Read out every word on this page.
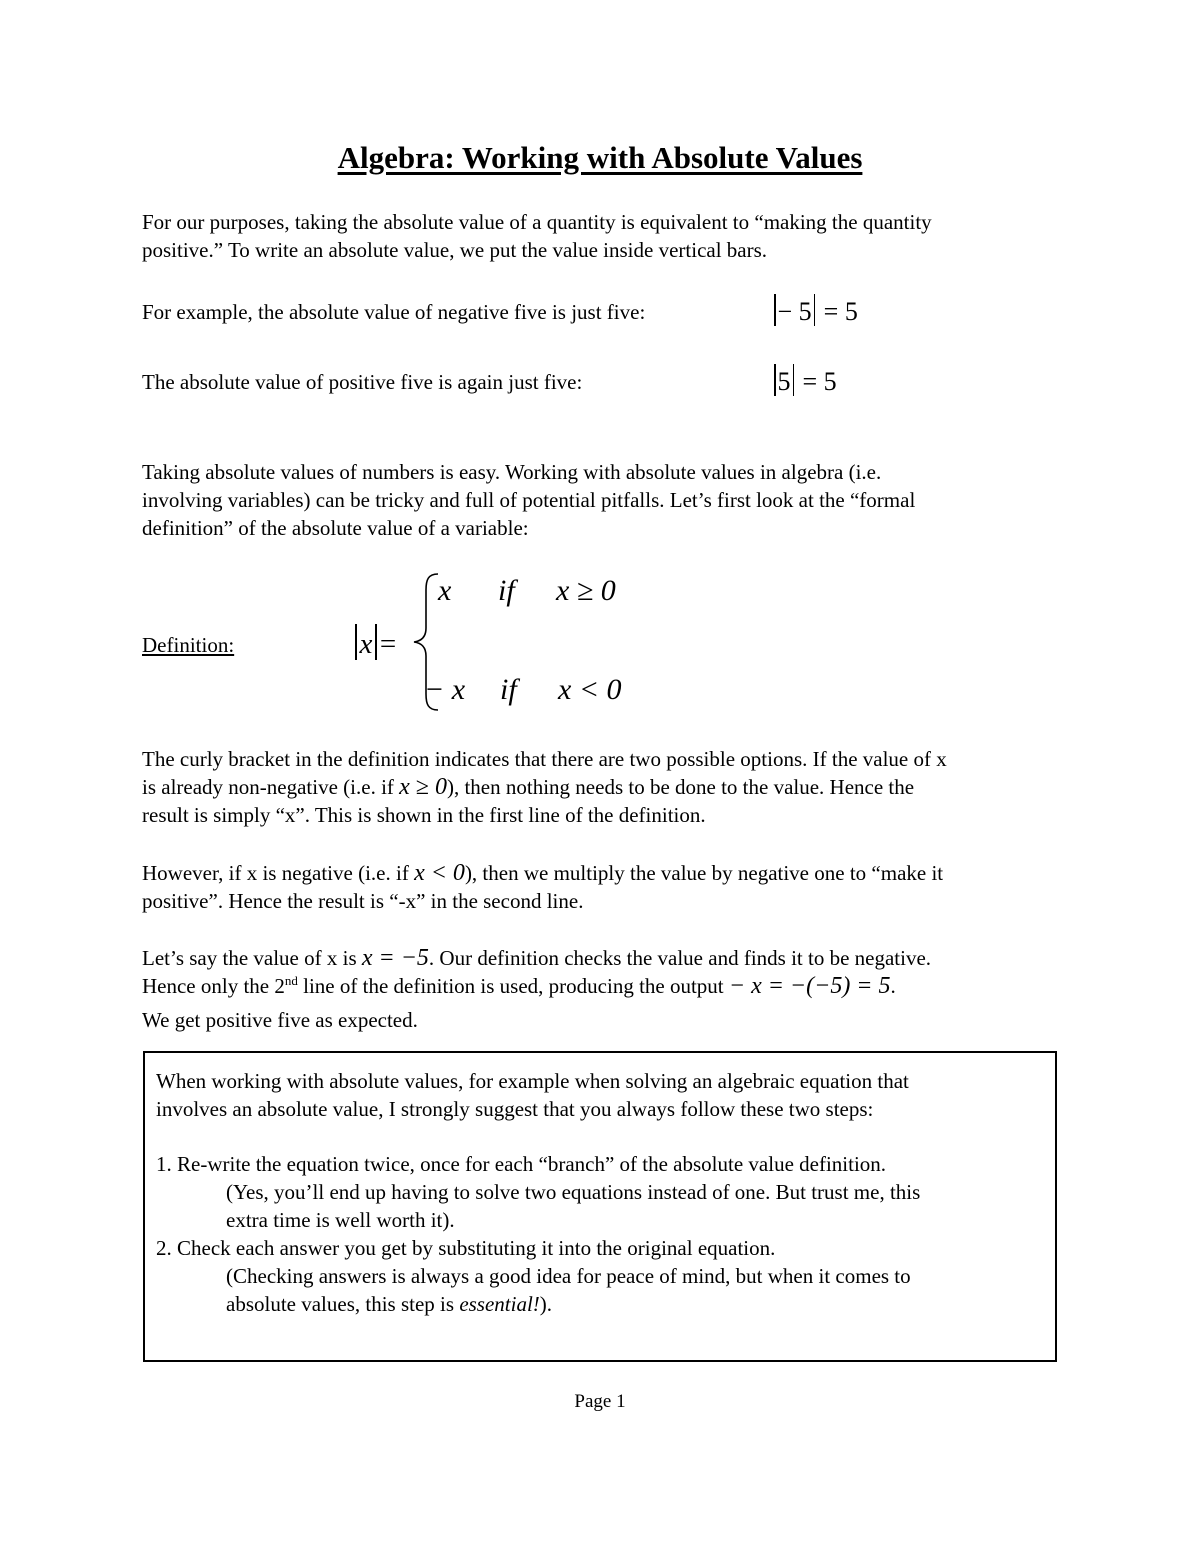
Algebra: Working with Absolute Values
For our purposes, taking the absolute value of a quantity is equivalent to “making the quantity
positive.” To write an absolute value, we put the value inside vertical bars.
For example, the absolute value of negative five is just five:	− 5 = 5
The absolute value of positive five is again just five:	5 = 5
Taking absolute values of numbers is easy. Working with absolute values in algebra (i.e.
involving variables) can be tricky and full of potential pitfalls. Let’s first look at the “formal
definition” of the absolute value of a variable:
Definition:	x =
x if x ≥ 0
− x if x < 0
The curly bracket in the definition indicates that there are two possible options. If the value of x
is already non-negative (i.e. if x ≥ 0), then nothing needs to be done to the value. Hence the
result is simply “x”. This is shown in the first line of the definition.
However, if x is negative (i.e. if x < 0), then we multiply the value by negative one to “make it
positive”. Hence the result is “-x” in the second line.
Let’s say the value of x is x = −5. Our definition checks the value and finds it to be negative.
Hence only the 2nd line of the definition is used, producing the output − x = −(−5) = 5.
We get positive five as expected.
When working with absolute values, for example when solving an algebraic equation that
involves an absolute value, I strongly suggest that you always follow these two steps:
1. Re-write the equation twice, once for each “branch” of the absolute value definition.
(Yes, you’ll end up having to solve two equations instead of one. But trust me, this
extra time is well worth it).
2. Check each answer you get by substituting it into the original equation.
(Checking answers is always a good idea for peace of mind, but when it comes to
absolute values, this step is essential!).
Page 1
